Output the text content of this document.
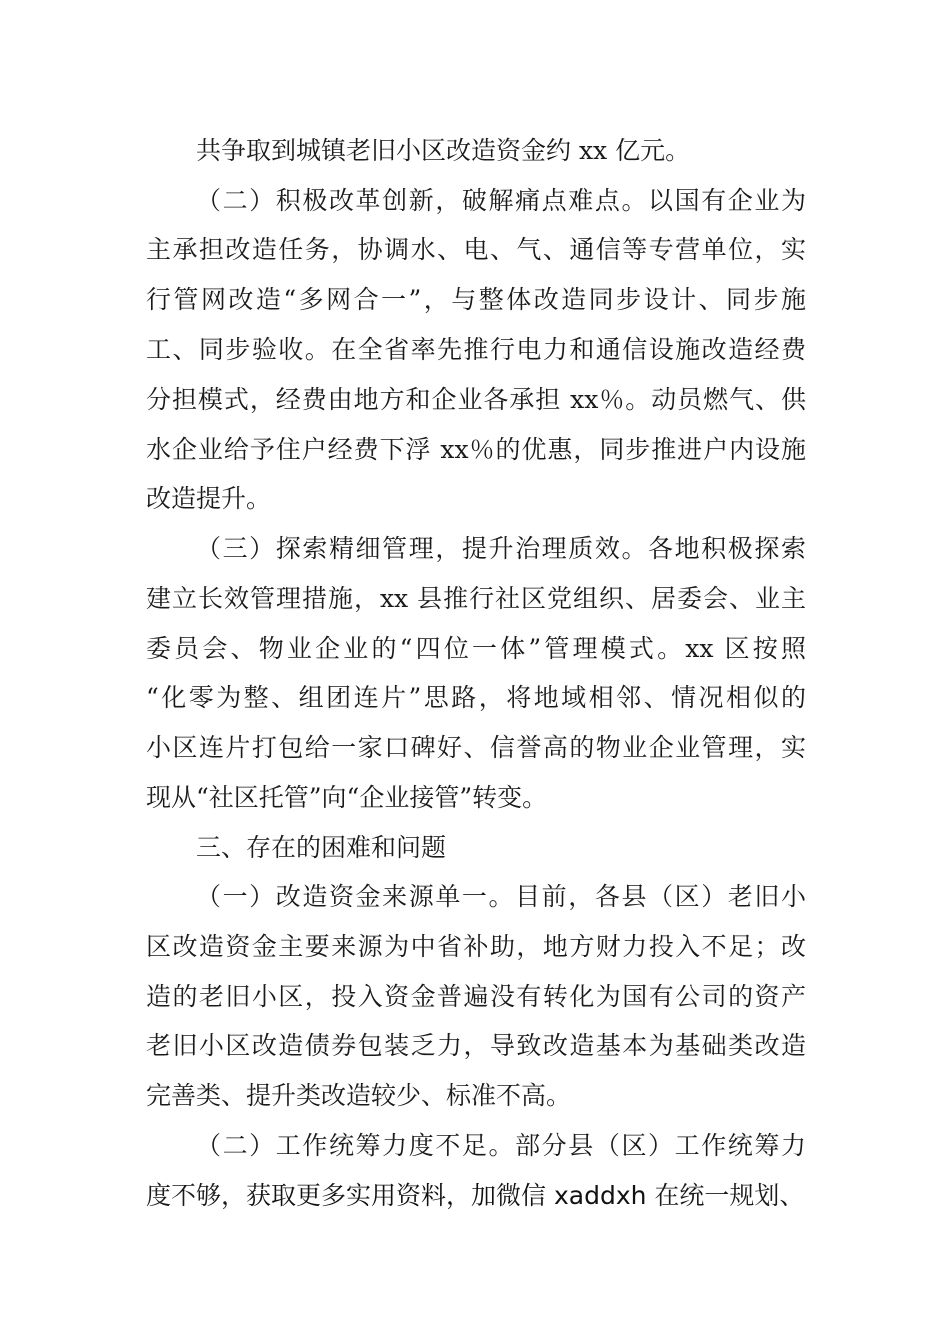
共争取到城镇老旧小区改造资金约 xx 亿元。
（二）积极改革创新，破解痛点难点。以国有企业为
主承担改造任务，协调水、电、气、通信等专营单位，实
行管网改造“多网合一”，与整体改造同步设计、同步施
工、同步验收。在全省率先推行电力和通信设施改造经费
分担模式，经费由地方和企业各承担 xx％。动员燃气、供
水企业给予住户经费下浮 xx％的优惠，同步推进户内设施
改造提升。
（三）探索精细管理，提升治理质效。各地积极探索
建立长效管理措施，xx 县推行社区党组织、居委会、业主
委员会、物业企业的“四位一体”管理模式。xx 区按照
“化零为整、组团连片”思路，将地域相邻、情况相似的
小区连片打包给一家口碑好、信誉高的物业企业管理，实
现从“社区托管”向“企业接管”转变。
三、存在的困难和问题
（一）改造资金来源单一。目前，各县（区）老旧小
区改造资金主要来源为中省补助，地方财力投入不足；改
造的老旧小区，投入资金普遍没有转化为国有公司的资产
老旧小区改造债券包装乏力，导致改造基本为基础类改造
完善类、提升类改造较少、标准不高。
（二）工作统筹力度不足。部分县（区）工作统筹力
度不够，获取更多实用资料，加微信 xaddxh 在统一规划、
